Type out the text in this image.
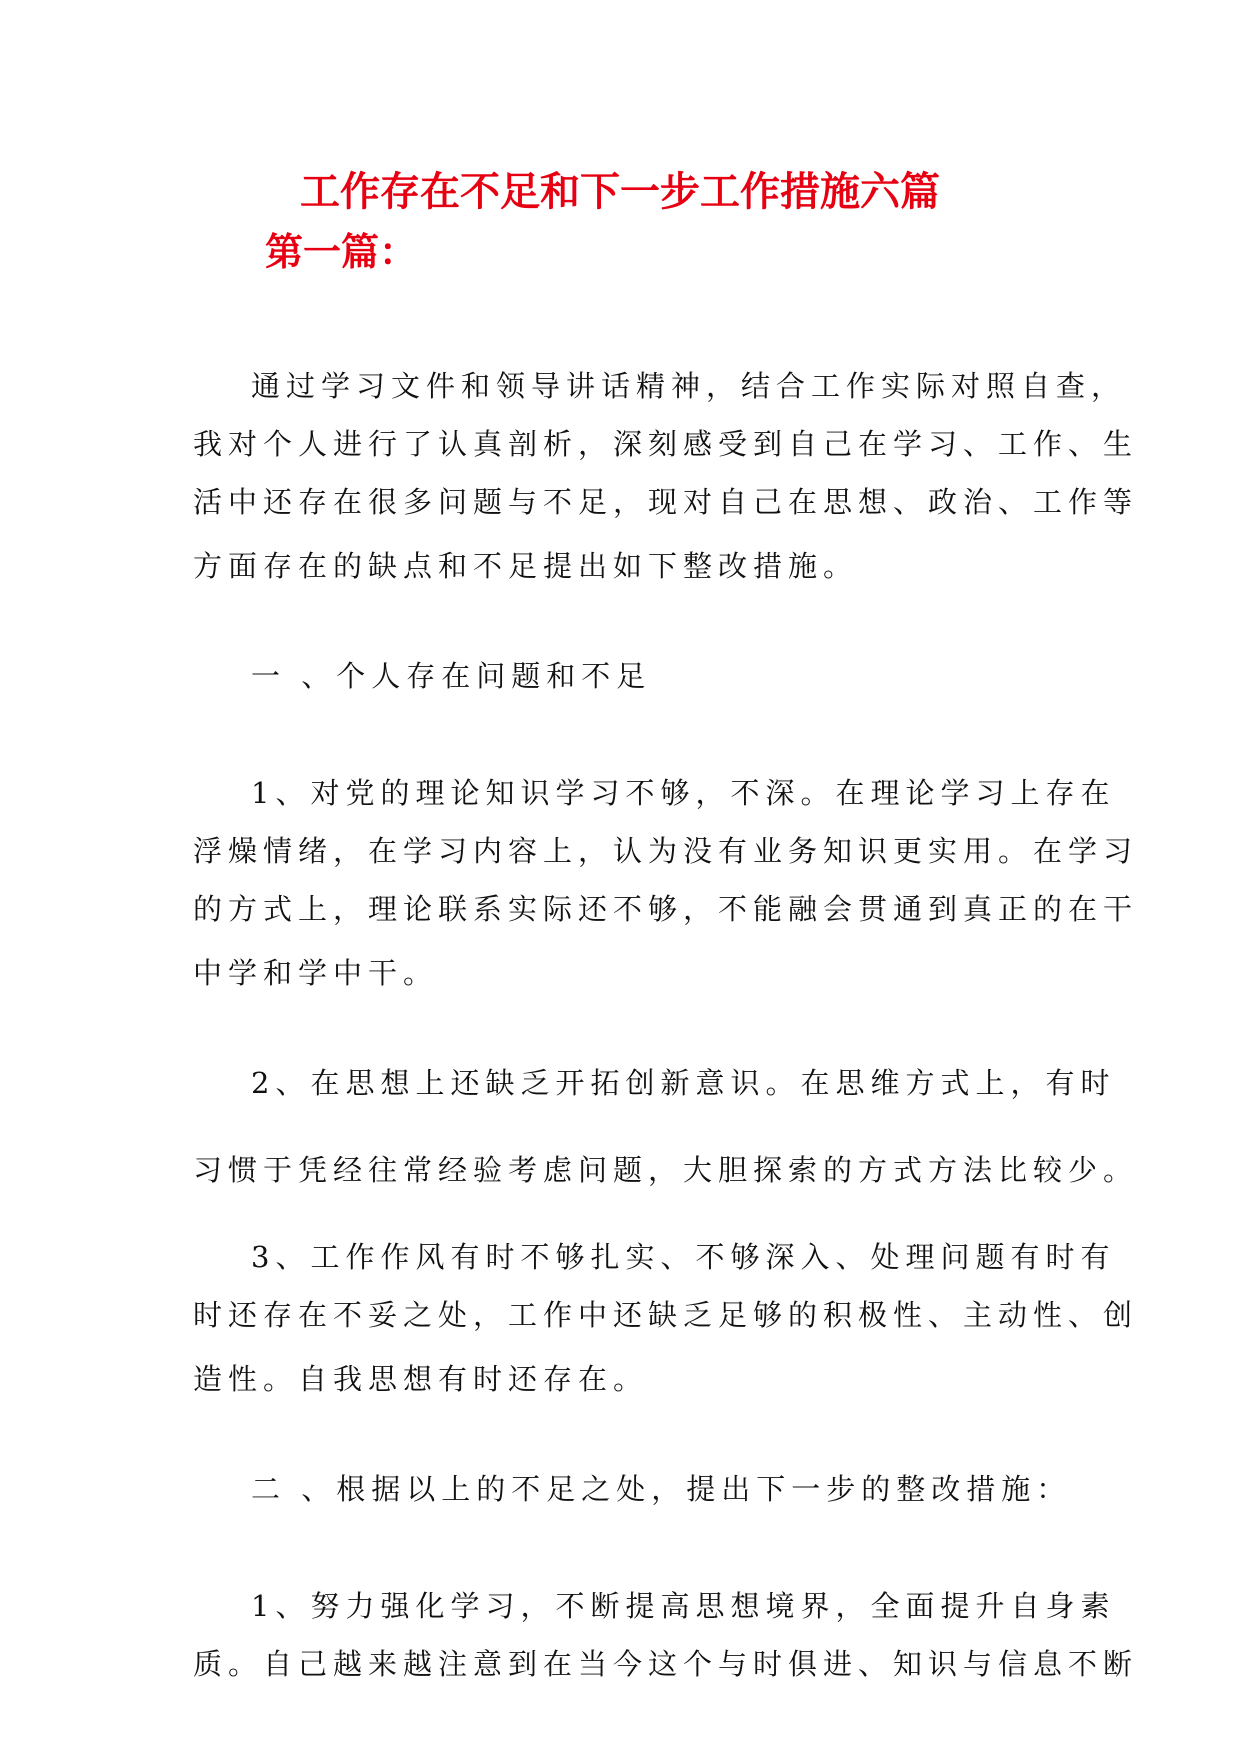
工作存在不足和下一步工作措施六篇
第一篇：
通过学习文件和领导讲话精神，结合工作实际对照自查，
我对个人进行了认真剖析，深刻感受到自己在学习、工作、生
活中还存在很多问题与不足，现对自己在思想、政治、工作等
方面存在的缺点和不足提出如下整改措施。
一 、个人存在问题和不足
1、对党的理论知识学习不够，不深。在理论学习上存在
浮燥情绪，在学习内容上，认为没有业务知识更实用。在学习
的方式上，理论联系实际还不够，不能融会贯通到真正的在干
中学和学中干。
2、在思想上还缺乏开拓创新意识。在思维方式上，有时
习惯于凭经往常经验考虑问题，大胆探索的方式方法比较少。
3、工作作风有时不够扎实、不够深入、处理问题有时有
时还存在不妥之处，工作中还缺乏足够的积极性、主动性、创
造性。自我思想有时还存在。
二 、根据以上的不足之处，提出下一步的整改措施：
1、努力强化学习，不断提高思想境界，全面提升自身素
质。自己越来越注意到在当今这个与时俱进、知识与信息不断
